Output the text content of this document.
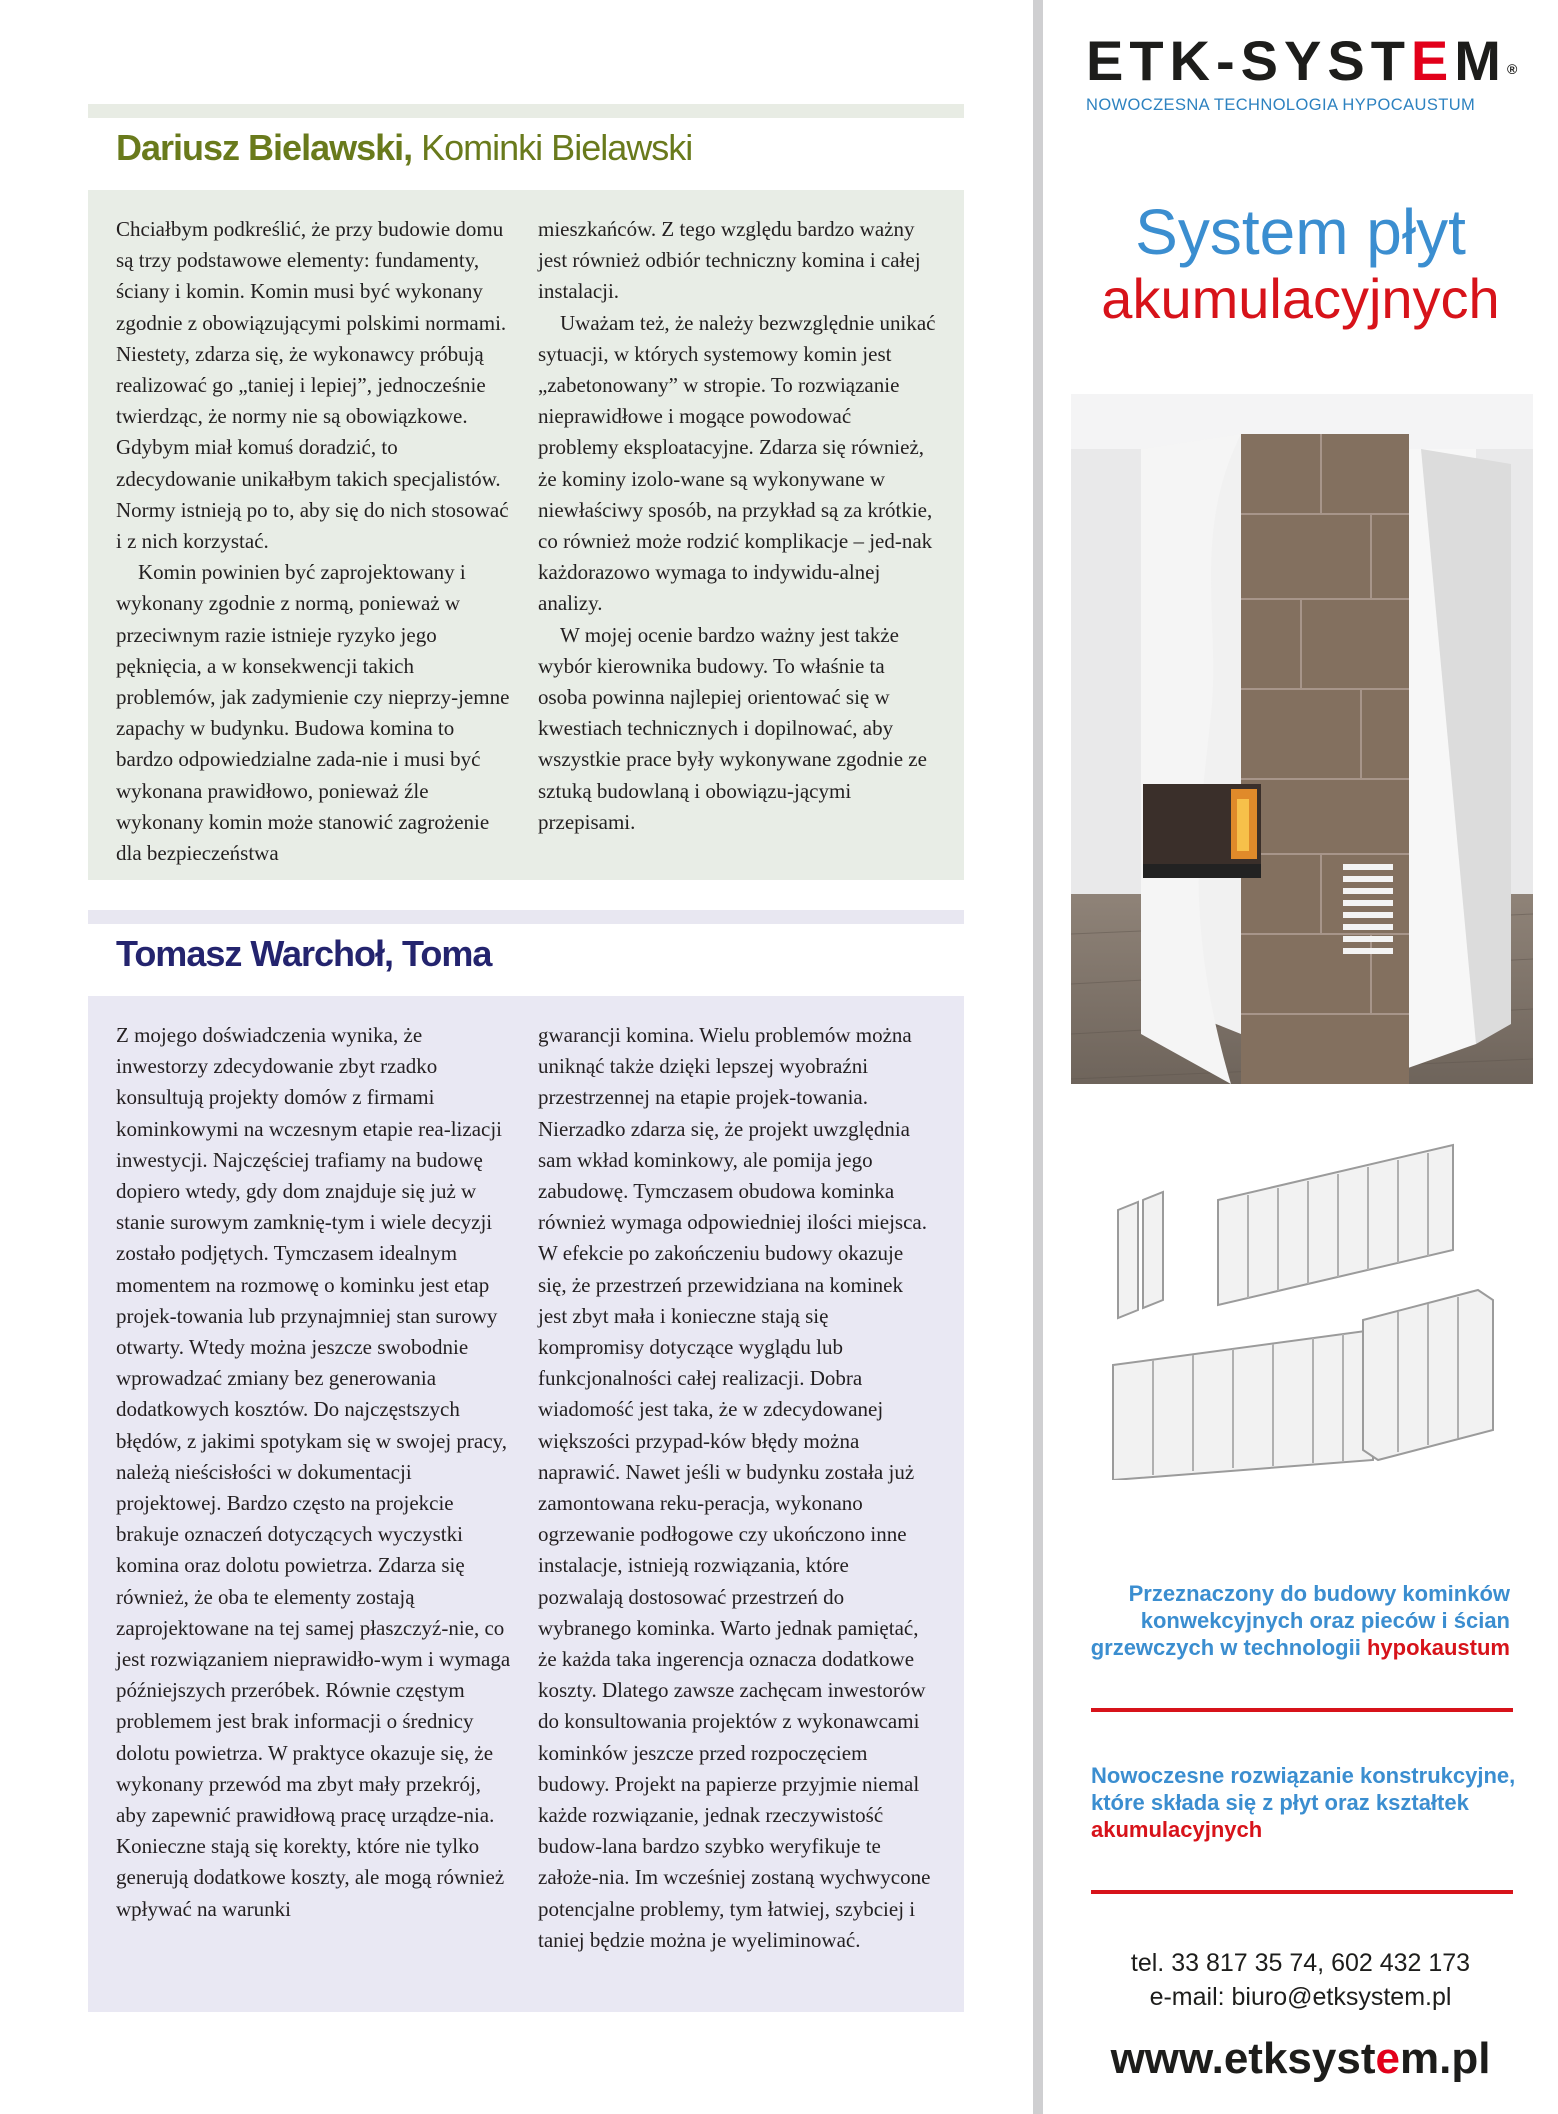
Dariusz Bielawski, Kominki Bielawski

Chciałbym podkreślić, że przy budowie domu są trzy podstawowe elementy: fundamenty, ściany i komin. Komin musi być wykonany zgodnie z obowiązującymi polskimi normami. Niestety, zdarza się, że wykonawcy próbują realizować go „taniej i lepiej”, jednocześnie twierdząc, że normy nie są obowiązkowe. Gdybym miał komuś doradzić, to zdecydowanie unikałbym takich specjalistów. Normy istnieją po to, aby się do nich stosować i z nich korzystać.

Komin powinien być zaprojektowany i wykonany zgodnie z normą, ponieważ w przeciwnym razie istnieje ryzyko jego pęknięcia, a w konsekwencji takich problemów, jak zadymienie czy nieprzy-jemne zapachy w budynku. Budowa komina to bardzo odpowiedzialne zada-nie i musi być wykonana prawidłowo, ponieważ źle wykonany komin może stanowić zagrożenie dla bezpieczeństwa

mieszkańców. Z tego względu bardzo ważny jest również odbiór techniczny komina i całej instalacji.

Uważam też, że należy bezwzględnie unikać sytuacji, w których systemowy komin jest „zabetonowany” w stropie. To rozwiązanie nieprawidłowe i mogące powodować problemy eksploatacyjne. Zdarza się również, że kominy izolo-wane są wykonywane w niewłaściwy sposób, na przykład są za krótkie, co również może rodzić komplikacje – jed-nak każdorazowo wymaga to indywidu-alnej analizy.

W mojej ocenie bardzo ważny jest także wybór kierownika budowy. To właśnie ta osoba powinna najlepiej orientować się w kwestiach technicznych i dopilnować, aby wszystkie prace były wykonywane zgodnie ze sztuką budowlaną i obowiązu-jącymi przepisami.

Tomasz Warchoł, Toma

Z mojego doświadczenia wynika, że inwestorzy zdecydowanie zbyt rzadko konsultują projekty domów z firmami kominkowymi na wczesnym etapie rea-lizacji inwestycji. Najczęściej trafiamy na budowę dopiero wtedy, gdy dom znajduje się już w stanie surowym zamknię-tym i wiele decyzji zostało podjętych. Tymczasem idealnym momentem na rozmowę o kominku jest etap projek-towania lub przynajmniej stan surowy otwarty. Wtedy można jeszcze swobodnie wprowadzać zmiany bez generowania dodatkowych kosztów. Do najczęstszych błędów, z jakimi spotykam się w swojej pracy, należą nieścisłości w dokumentacji projektowej. Bardzo często na projekcie brakuje oznaczeń dotyczących wyczystki komina oraz dolotu powietrza. Zdarza się również, że oba te elementy zostają zaprojektowane na tej samej płaszczyź-nie, co jest rozwiązaniem nieprawidło-wym i wymaga późniejszych przeróbek. Równie częstym problemem jest brak informacji o średnicy dolotu powietrza. W praktyce okazuje się, że wykonany przewód ma zbyt mały przekrój, aby zapewnić prawidłową pracę urządze-nia. Konieczne stają się korekty, które nie tylko generują dodatkowe koszty, ale mogą również wpływać na warunki

gwarancji komina. Wielu problemów można uniknąć także dzięki lepszej wyobraźni przestrzennej na etapie projek-towania. Nierzadko zdarza się, że projekt uwzględnia sam wkład kominkowy, ale pomija jego zabudowę. Tymczasem obudowa kominka również wymaga odpowiedniej ilości miejsca. W efekcie po zakończeniu budowy okazuje się, że przestrzeń przewidziana na kominek jest zbyt mała i konieczne stają się kompromisy dotyczące wyglądu lub funkcjonalności całej realizacji. Dobra wiadomość jest taka, że w zdecydowanej większości przypad-ków błędy można naprawić. Nawet jeśli w budynku została już zamontowana reku-peracja, wykonano ogrzewanie podłogowe czy ukończono inne instalacje, istnieją rozwiązania, które pozwalają dostosować przestrzeń do wybranego kominka. Warto jednak pamiętać, że każda taka ingerencja oznacza dodatkowe koszty. Dlatego zawsze zachęcam inwestorów do konsultowania projektów z wykonawcami kominków jeszcze przed rozpoczęciem budowy. Projekt na papierze przyjmie niemal każde rozwiązanie, jednak rzeczywistość budow-lana bardzo szybko weryfikuje te założe-nia. Im wcześniej zostaną wychwycone potencjalne problemy, tym łatwiej, szybciej i taniej będzie można je wyeliminować.

ETK-SYSTEM®
NOWOCZESNA TECHNOLOGIA HYPOCAUSTUM
System płyt
akumulacyjnych
Przeznaczony do budowy kominków konwekcyjnych oraz pieców i ścian grzewczych w technologii hypokaustum
Nowoczesne rozwiązanie konstrukcyjne, które składa się z płyt oraz kształtek akumulacyjnych
tel. 33 817 35 74, 602 432 173
e-mail: biuro@etksystem.pl
www.etksystem.pl
